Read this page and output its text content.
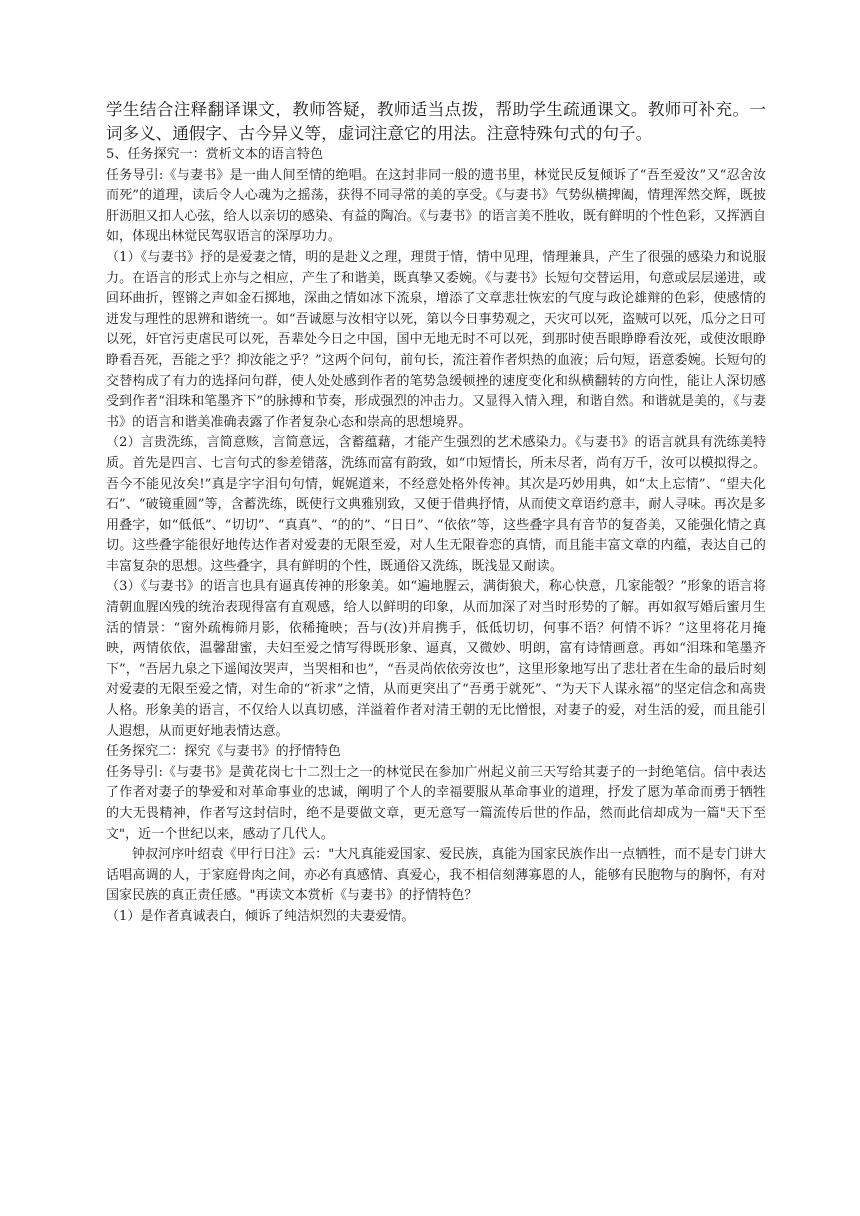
学生结合注释翻译课文，教师答疑，教师适当点拨，帮助学生疏通课文。教师可补充。一词多义、通假字、古今异义等，虚词注意它的用法。注意特殊句式的句子。

5、任务探究一：赏析文本的语言特色

任务导引:《与妻书》是一曲人间至情的绝唱。在这封非同一般的遗书里，林觉民反复倾诉了“吾至爱汝”又“忍舍汝而死”的道理，读后令人心魂为之摇荡，获得不同寻常的美的享受。《与妻书》气势纵横捭阖，情理浑然交辉，既披肝沥胆又扣人心弦，给人以亲切的感染、有益的陶冶。《与妻书》的语言美不胜收，既有鲜明的个性色彩，又挥洒自如，体现出林觉民驾驭语言的深厚功力。

（1）《与妻书》抒的是爱妻之情，明的是赴义之理，理贯于情，情中见理，情理兼具，产生了很强的感染力和说服力。在语言的形式上亦与之相应，产生了和谐美，既真挚又委婉。《与妻书》长短句交替运用，句意或层层递进，或回环曲折，铿锵之声如金石掷地，深曲之情如冰下流泉，增添了文章悲壮恢宏的气度与政论雄辩的色彩，使感情的迸发与理性的思辨和谐统一。如“吾诚愿与汝相守以死，第以今日事势观之，天灾可以死，盗贼可以死，瓜分之日可以死，奸官污吏虐民可以死，吾辈处今日之中国，国中无地无时不可以死，到那时使吾眼睁睁看汝死，或使汝眼睁睁看吾死，吾能之乎？抑汝能之乎？”这两个问句，前句长，流注着作者炽热的血液；后句短，语意委婉。长短句的交替构成了有力的选择问句群，使人处处感到作者的笔势急缓顿挫的速度变化和纵横翻转的方向性，能让人深切感受到作者“泪珠和笔墨齐下”的脉搏和节奏，形成强烈的冲击力。又显得入情入理，和谐自然。和谐就是美的，《与妻书》的语言和谐美准确表露了作者复杂心态和崇高的思想境界。

（2）言贵洗练，言简意赅，言简意远，含蓄蕴藉，才能产生强烈的艺术感染力。《与妻书》的语言就具有洗练美特质。首先是四言、七言句式的参差错落，洗练而富有韵致，如“巾短情长，所未尽者，尚有万千，汝可以模拟得之。吾今不能见汝矣!”真是字字泪句句情，娓娓道来，不经意处格外传神。其次是巧妙用典，如“太上忘情”、“望夫化石”、“破镜重圆”等，含蓄洗练，既使行文典雅别致，又便于借典抒情，从而使文章语约意丰，耐人寻味。再次是多用叠字，如“低低”、“切切”、“真真”、“的的”、“日日”、“依依”等，这些叠字具有音节的复沓美，又能强化情之真切。这些叠字能很好地传达作者对爱妻的无限至爱，对人生无限眷恋的真情，而且能丰富文章的内蕴，表达自己的丰富复杂的思想。这些叠字，具有鲜明的个性，既通俗又洗练，既浅显又耐读。

（3）《与妻书》的语言也具有逼真传神的形象美。如“遍地腥云，满街狼犬，称心快意，几家能彀？”形象的语言将清朝血腥凶残的统治表现得富有直观感，给人以鲜明的印象，从而加深了对当时形势的了解。再如叙写婚后蜜月生活的情景：“窗外疏梅筛月影，依稀掩映；吾与(汝)并肩携手，低低切切，何事不语？何情不诉？”这里将花月掩映，两情依依，温馨甜蜜，夫妇至爱之情写得既形象、逼真，又微妙、明朗，富有诗情画意。再如“泪珠和笔墨齐下”，“吾居九泉之下遥闻汝哭声，当哭相和也”，“吾灵尚依依旁汝也”，这里形象地写出了悲壮者在生命的最后时刻对爱妻的无限至爱之情，对生命的“祈求”之情，从而更突出了“吾勇于就死”、“为天下人谋永福”的坚定信念和高贵人格。形象美的语言，不仅给人以真切感，洋溢着作者对清王朝的无比憎恨，对妻子的爱，对生活的爱，而且能引人遐想，从而更好地表情达意。

任务探究二：探究《与妻书》的抒情特色

任务导引:《与妻书》是黄花岗七十二烈士之一的林觉民在参加广州起义前三天写给其妻子的一封绝笔信。信中表达了作者对妻子的挚爱和对革命事业的忠诚，阐明了个人的幸福要服从革命事业的道理，抒发了愿为革命而勇于牺牲的大无畏精神，作者写这封信时，绝不是要做文章，更无意写一篇流传后世的作品，然而此信却成为一篇"天下至文"，近一个世纪以来，感动了几代人。

钟叔河序叶绍袁《甲行日注》云："大凡真能爱国家、爱民族，真能为国家民族作出一点牺牲，而不是专门讲大话唱高调的人，于家庭骨肉之间，亦必有真感情、真爱心，我不相信刻薄寡恩的人，能够有民胞物与的胸怀，有对国家民族的真正责任感。"再读文本赏析《与妻书》的抒情特色？

（1）是作者真诚表白，倾诉了纯洁炽烈的夫妻爱情。
